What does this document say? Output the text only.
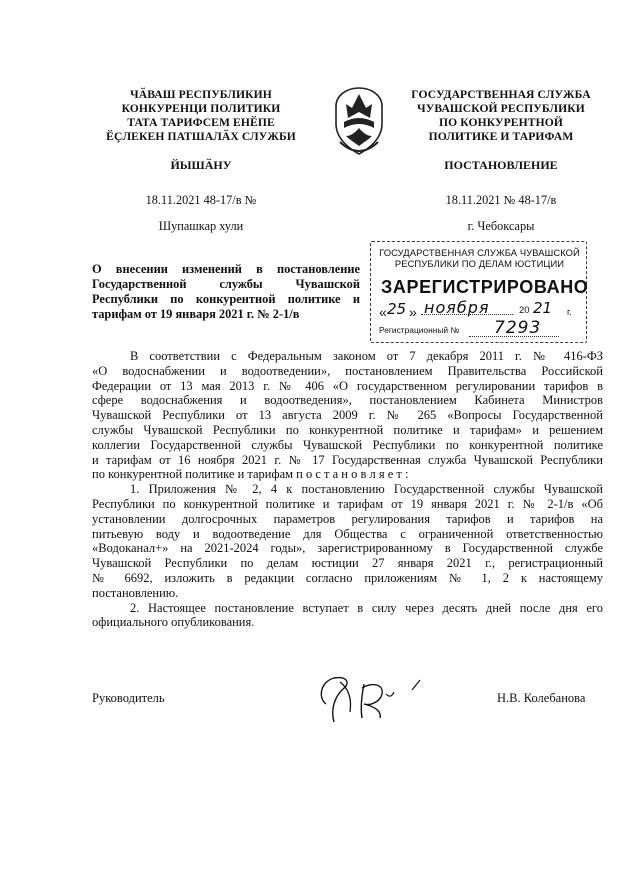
ЧӐВАШ РЕСПУБЛИКИН
КОНКУРЕНЦИ ПОЛИТИКИ
ТАТА ТАРИФСЕМ ЕНӖПЕ
ӖҪЛЕКЕН ПАТШАЛӐХ СЛУЖБИ
ГОСУДАРСТВЕННАЯ СЛУЖБА
ЧУВАШСКОЙ РЕСПУБЛИКИ
ПО КОНКУРЕНТНОЙ
ПОЛИТИКЕ И ТАРИФАМ
ЙЫШӐНУ	ПОСТАНОВЛЕНИЕ
18.11.2021 48-17/в №	18.11.2021 № 48-17/в
Шупашкар хули	г. Чебоксары
О внесении изменений в постановление
Государственной службы Чувашской
Республики по конкурентной политике и
тарифам от 19 января 2021 г. № 2-1/в
ГОСУДАРСТВЕННАЯ СЛУЖБА ЧУВАШСКОЙ
РЕСПУБЛИКИ ПО ДЕЛАМ ЮСТИЦИИ
ЗАРЕГИСТРИРОВАНО
« 25 » ноября	20 21 г.
Регистрационный № 7293
В соответствии с Федеральным законом от 7 декабря 2011 г. № 416-ФЗ
«О водоснабжении и водоотведении», постановлением Правительства Российской
Федерации от 13 мая 2013 г. № 406 «О государственном регулировании тарифов в
сфере водоснабжения и водоотведения», постановлением Кабинета Министров
Чувашской Республики от 13 августа 2009 г. № 265 «Вопросы Государственной
службы Чувашской Республики по конкурентной политике и тарифам» и решением
коллегии Государственной службы Чувашской Республики по конкурентной политике
и тарифам от 16 ноября 2021 г. № 17 Государственная служба Чувашской Республики
по конкурентной политике и тарифам п о с т а н о в л я е т :
1. Приложения № 2, 4 к постановлению Государственной службы Чувашской
Республики по конкурентной политике и тарифам от 19 января 2021 г. № 2-1/в «Об
установлении долгосрочных параметров регулирования тарифов и тарифов на
питьевую воду и водоотведение для Общества с ограниченной ответственностью
«Водоканал+» на 2021-2024 годы», зарегистрированному в Государственной службе
Чувашской Республики по делам юстиции 27 января 2021 г., регистрационный
№ 6692, изложить в редакции согласно приложениям № 1, 2 к настоящему
постановлению.
2. Настоящее постановление вступает в силу через десять дней после дня его
официального опубликования.
Руководитель	Н.В. Колебанова
